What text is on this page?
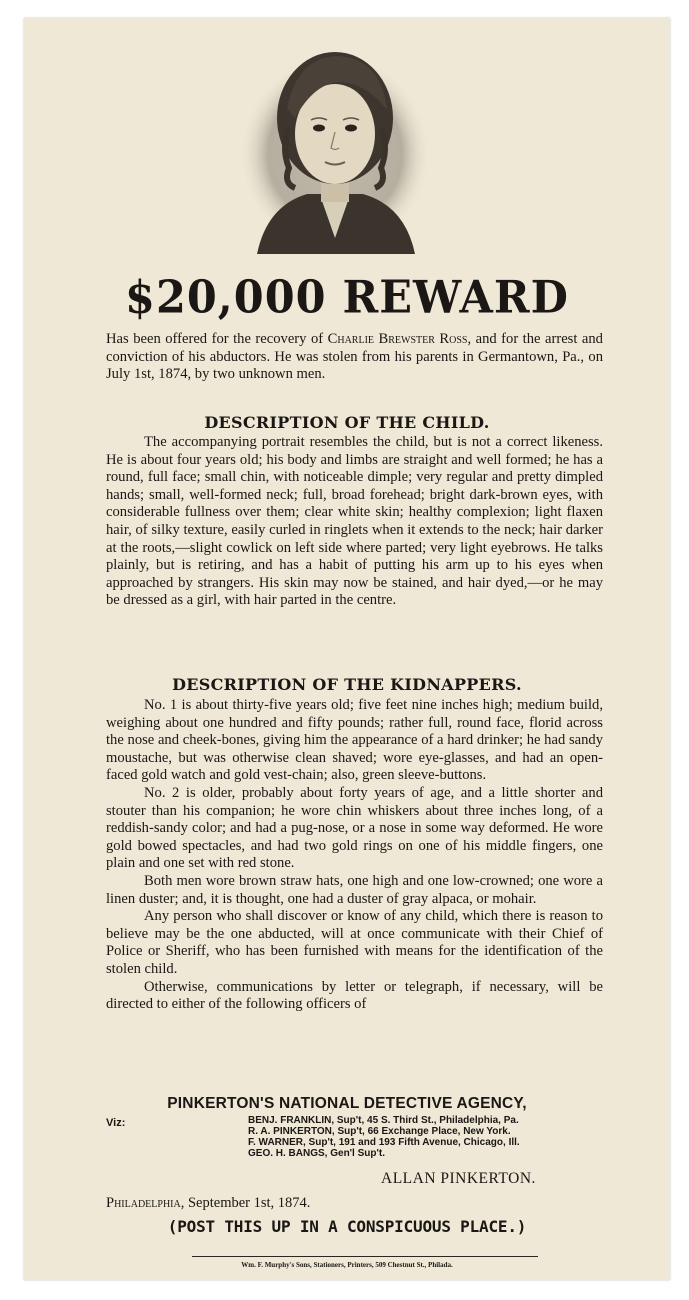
$20,000 REWARD

Has been offered for the recovery of Charlie Brewster Ross, and for the arrest and conviction of his abductors. He was stolen from his parents in Germantown, Pa., on July 1st, 1874, by two unknown men.

DESCRIPTION OF THE CHILD.

The accompanying portrait resembles the child, but is not a correct likeness. He is about four years old; his body and limbs are straight and well formed; he has a round, full face; small chin, with noticeable dimple; very regular and pretty dimpled hands; small, well-formed neck; full, broad forehead; bright dark-brown eyes, with considerable fullness over them; clear white skin; healthy complexion; light flaxen hair, of silky texture, easily curled in ringlets when it extends to the neck; hair darker at the roots,—slight cowlick on left side where parted; very light eyebrows. He talks plainly, but is retiring, and has a habit of putting his arm up to his eyes when approached by strangers. His skin may now be stained, and hair dyed,—or he may be dressed as a girl, with hair parted in the centre.

DESCRIPTION OF THE KIDNAPPERS.

No. 1 is about thirty-five years old; five feet nine inches high; medium build, weighing about one hundred and fifty pounds; rather full, round face, florid across the nose and cheek-bones, giving him the appearance of a hard drinker; he had sandy moustache, but was otherwise clean shaved; wore eye-glasses, and had an open-faced gold watch and gold vest-chain; also, green sleeve-buttons.

No. 2 is older, probably about forty years of age, and a little shorter and stouter than his companion; he wore chin whiskers about three inches long, of a reddish-sandy color; and had a pug-nose, or a nose in some way deformed. He wore gold bowed spectacles, and had two gold rings on one of his middle fingers, one plain and one set with red stone.

Both men wore brown straw hats, one high and one low-crowned; one wore a linen duster; and, it is thought, one had a duster of gray alpaca, or mohair.

Any person who shall discover or know of any child, which there is reason to believe may be the one abducted, will at once communicate with their Chief of Police or Sheriff, who has been furnished with means for the identification of the stolen child.

Otherwise, communications by letter or telegraph, if necessary, will be directed to either of the following officers of

PINKERTON'S NATIONAL DETECTIVE AGENCY,
Viz:	BENJ. FRANKLIN, Sup't, 45 S. Third St., Philadelphia, Pa.
R. A. PINKERTON, Sup't, 66 Exchange Place, New York.
F. WARNER, Sup't, 191 and 193 Fifth Avenue, Chicago, Ill.
GEO. H. BANGS, Gen'l Sup't.
ALLAN PINKERTON.
Philadelphia, September 1st, 1874.
(POST THIS UP IN A CONSPICUOUS PLACE.)
Wm. F. Murphy's Sons, Stationers, Printers, 509 Chestnut St., Philada.
